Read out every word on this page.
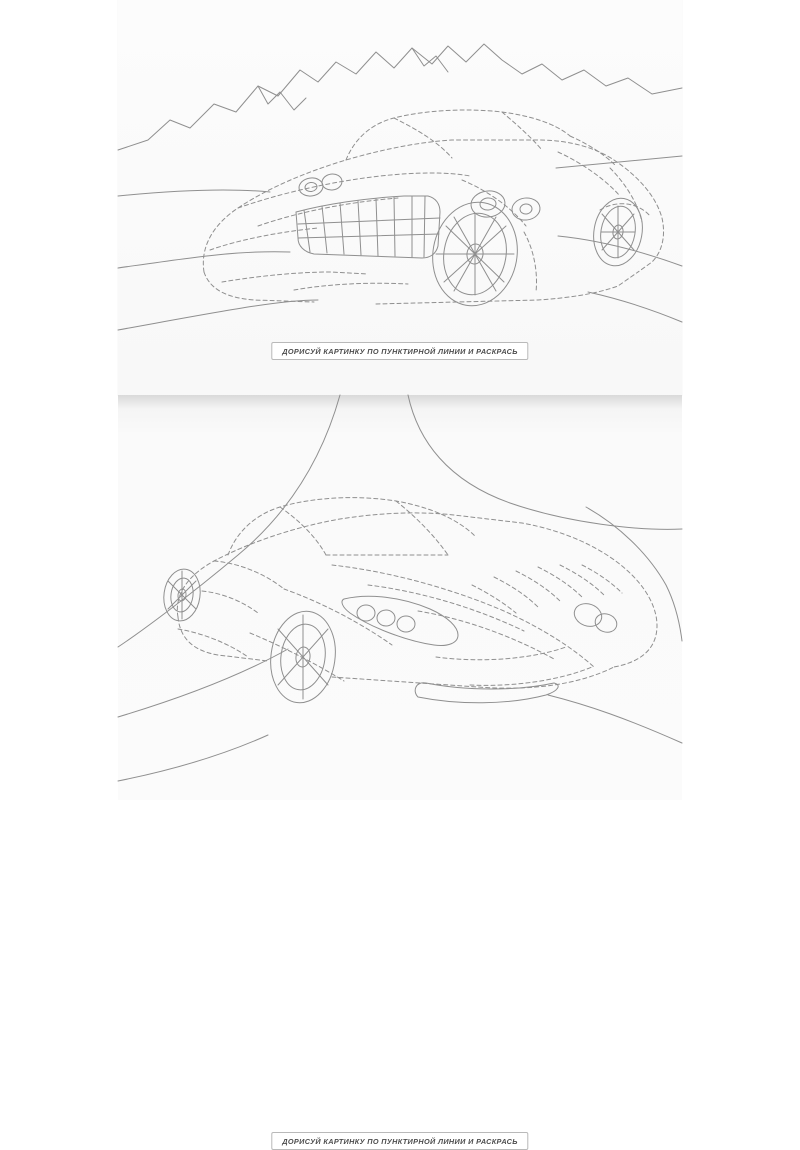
ДОРИСУЙ КАРТИНКУ ПО ПУНКТИРНОЙ ЛИНИИ И РАСКРАСЬ
ДОРИСУЙ КАРТИНКУ ПО ПУНКТИРНОЙ ЛИНИИ И РАСКРАСЬ
